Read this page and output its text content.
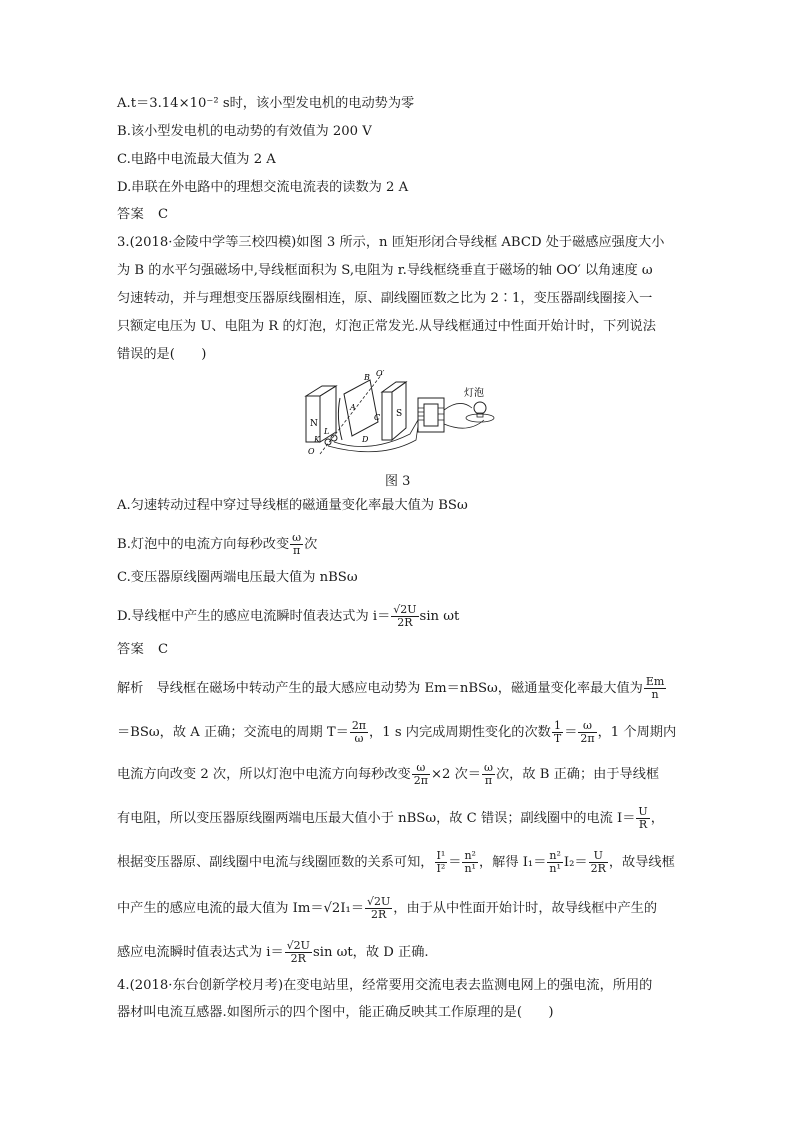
A.t＝3.14×10⁻² s时，该小型发电机的电动势为零
B.该小型发电机的电动势的有效值为 200 V
C.电路中电流最大值为 2 A
D.串联在外电路中的理想交流电流表的读数为 2 A
答案　C
3.(2018·金陵中学等三校四模)如图 3 所示，n 匝矩形闭合导线框 ABCD 处于磁感应强度大小
为 B 的水平匀强磁场中,导线框面积为 S,电阻为 r.导线框绕垂直于磁场的轴 OO′ 以角速度 ω
匀速转动，并与理想变压器原线圈相连，原、副线圈匝数之比为 2∶1，变压器副线圈接入一
只额定电压为 U、电阻为 R 的灯泡，灯泡正常发光.从导线框通过中性面开始计时，下列说法
错误的是(　　)
N
A
B
C
D
O′
O
K
L
S
灯泡
图 3
A.匀速转动过程中穿过导线框的磁通量变化率最大值为 BSω
B.灯泡中的电流方向每秒改变 $\frac{\omega}{\pi}$ 次
C.变压器原线圈两端电压最大值为 nBSω
D.导线框中产生的感应电流瞬时值表达式为 $i= \frac{√2U}{2R}$ sin ωt
答案　C
解析　导线框在磁场中转动产生的最大感应电动势为 Em＝nBSω，磁通量变化率最大值为 $\frac{Em}{n}$
＝BSω，故 A 正确；交流电的周期 $T= \frac{2\pi}{\omega}$ ，1 s 内完成周期性变化的次数 $\frac{1}{T} = \frac{\omega}{2\pi}$ ，1 个周期内
电流方向改变 2 次，所以灯泡中电流方向每秒改变 $\frac{\omega}{2\pi} \times 2$ 次＝ $\frac{\omega}{\pi}$ 次，故 B 正确；由于导线框
有电阻，所以变压器原线圈两端电压最大值小于 nBSω，故 C 错误；副线圈中的电流 $I= \frac{U}{R}$ ，
根据变压器原、副线圈中电流与线圈匝数的关系可知， $\frac{\text{I¹}}{\text{I²}} = \frac{\text{n²}}{\text{n¹}}$ ，解得 $I_1= \frac{\text{n²}}{\text{n¹}} I_2= \frac{U}{2R}$ ，故导线框
中产生的感应电流的最大值为 $Im=√2I_1= \frac{√2U}{2R}$ ，由于从中性面开始计时，故导线框中产生的
感应电流瞬时值表达式为 $i= \frac{√2U}{2R}$ sin ωt，故 D 正确.
4.(2018·东台创新学校月考)在变电站里，经常要用交流电表去监测电网上的强电流，所用的
器材叫电流互感器.如图所示的四个图中，能正确反映其工作原理的是(　　)
